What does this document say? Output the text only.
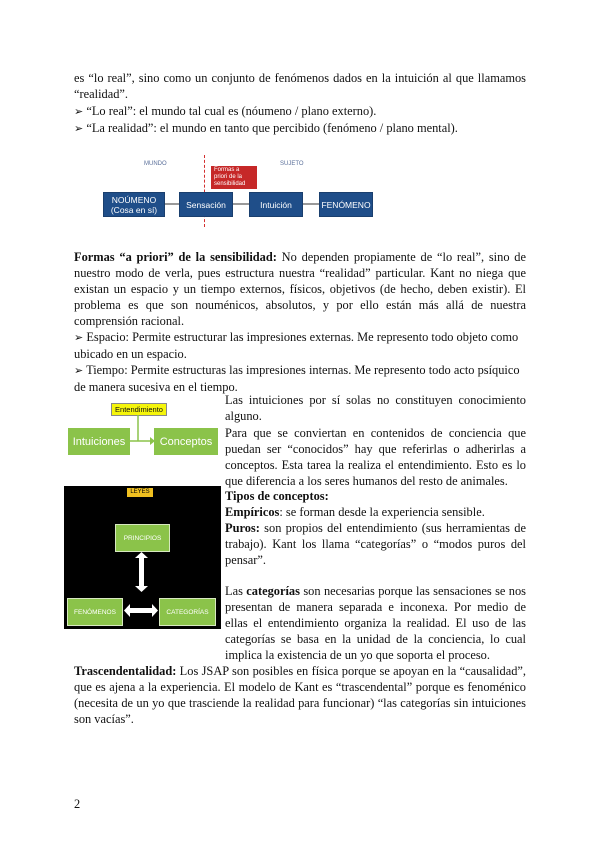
es “lo real”, sino como un conjunto de fenómenos dados en la intuición al que llamamos “realidad”.

➢ “Lo real”: el mundo tal cual es (nóumeno / plano externo).
➢ “La realidad”: el mundo en tanto que percibido (fenómeno / plano mental).
MUNDO	SUJETO
Formas a priori de la sensibilidad
NOÚMENO (Cosa en sí)	Sensación	Intuición	FENÓMENO

Formas “a priori” de la sensibilidad: No dependen propiamente de “lo real”, sino de nuestro modo de verla, pues estructura nuestra “realidad” particular. Kant no niega que existan un espacio y un tiempo externos, físicos, objetivos (de hecho, deben existir). El problema es que son nouménicos, absolutos, y por ello están más allá de nuestra comprensión racional.

➢ Espacio: Permite estructurar las impresiones externas. Me represento todo objeto como ubicado en un espacio.
➢ Tiempo: Permite estructuras las impresiones internas. Me represento todo acto psíquico de manera sucesiva en el tiempo.
Entendimiento
Intuiciones	Conceptos

Las intuiciones por sí solas no constituyen conocimiento alguno.

Para que se conviertan en contenidos de conciencia que puedan ser “conocidos” hay que referirlas o adherirlas a conceptos. Esta tarea la realiza el entendimiento. Esto es lo que diferencia a los seres humanos del resto de animales.

Tipos de conceptos:

Empíricos: se forman desde la experiencia sensible.

Puros: son propios del entendimiento (sus herramientas de trabajo). Kant los llama “categorías” o “modos puros del pensar”.

LEYES
PRINCIPIOS
FENÓMENOS	CATEGORÍAS

Las categorías son necesarias porque las sensaciones se nos presentan de manera separada e inconexa. Por medio de ellas el entendimiento organiza la realidad. El uso de las categorías se basa en la unidad de la conciencia, lo cual implica la existencia de un yo que soporta el proceso.

Trascendentalidad: Los JSAP son posibles en física porque se apoyan en la “causalidad”, que es ajena a la experiencia. El modelo de Kant es “trascendental” porque es fenoménico (necesita de un yo que trasciende la realidad para funcionar) “las categorías sin intuiciones son vacías”.

2
